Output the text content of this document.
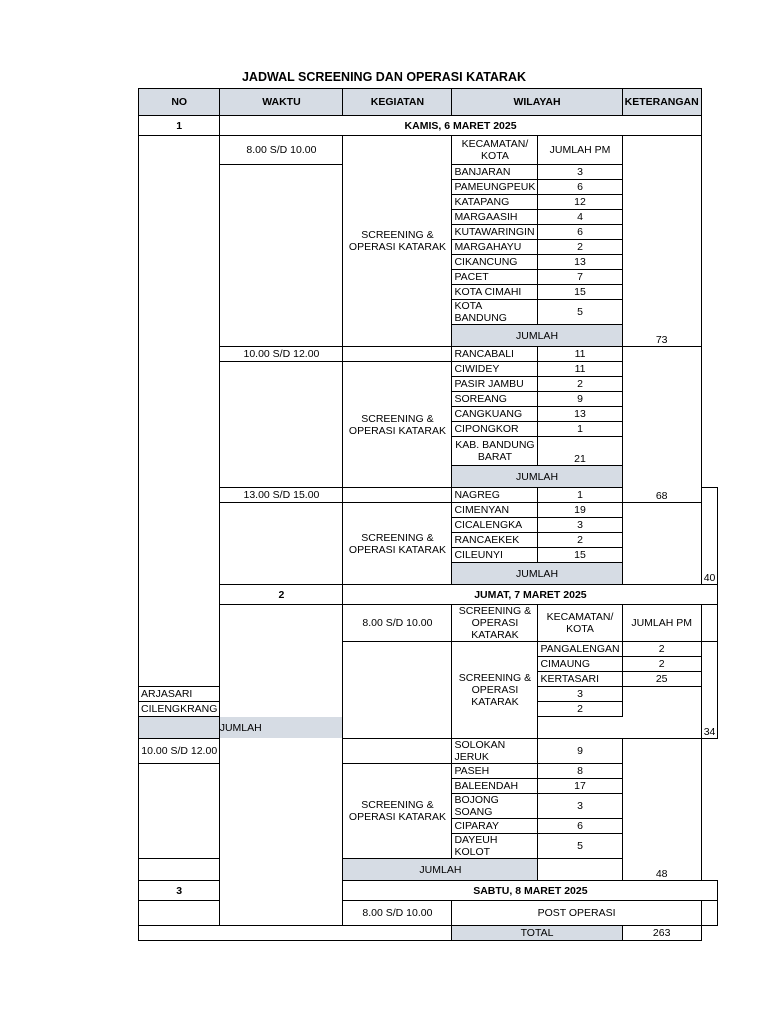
JADWAL SCREENING DAN OPERASI KATARAK
NO	WAKTU	KEGIATAN	WILAYAH		KETERANGAN	
1	KAMIS, 6 MARET 2025					
	8.00 S/D 10.00	SCREENING & OPERASI KATARAK	KECAMATAN/ KOTA	JUMLAH PM	73	
			BANJARAN	3		
			PAMEUNGPEUK	6		
			KATAPANG	12		
			MARGAASIH	4		
			KUTAWARINGIN	6		
			MARGAHAYU	2		
			CIKANCUNG	13		
			PACET	7		
			KOTA CIMAHI	15		
			KOTA BANDUNG	5		
			JUMLAH			
	10.00 S/D 12.00		RANCABALI	11	68	
		SCREENING & OPERASI KATARAK	CIWIDEY	11		
			PASIR JAMBU	2		
			SOREANG	9		
			CANGKUANG	13		
			CIPONGKOR	1		
			KAB. BANDUNG BARAT	21		
			JUMLAH			
	13.00 S/D 15.00		NAGREG	1		40
		SCREENING & OPERASI KATARAK	CIMENYAN	19		
			CICALENGKA	3		
			RANCAEKEK	2		
			CILEUNYI	15		
			JUMLAH			
	2	JUMAT, 7 MARET 2025				
		8.00 S/D 10.00	SCREENING & OPERASI KATARAK	KECAMATAN/ KOTA	JUMLAH PM	
			SCREENING & OPERASI KATARAK	PANGALENGAN	2	34
				CIMAUNG	2	
				KERTASARI	25	
ARJASARI				3		
CILENGKRANG				2		
JUMLAH						
10.00 S/D 12.00			SOLOKAN JERUK	9	48	
		SCREENING & OPERASI KATARAK	PASEH	8		
			BALEENDAH	17		
			BOJONG SOANG	3		
			CIPARAY	6		
			DAYEUH KOLOT	5		
		JUMLAH				
3		SABTU, 8 MARET 2025				
		8.00 S/D 10.00	POST OPERASI			
			TOTAL		263	
